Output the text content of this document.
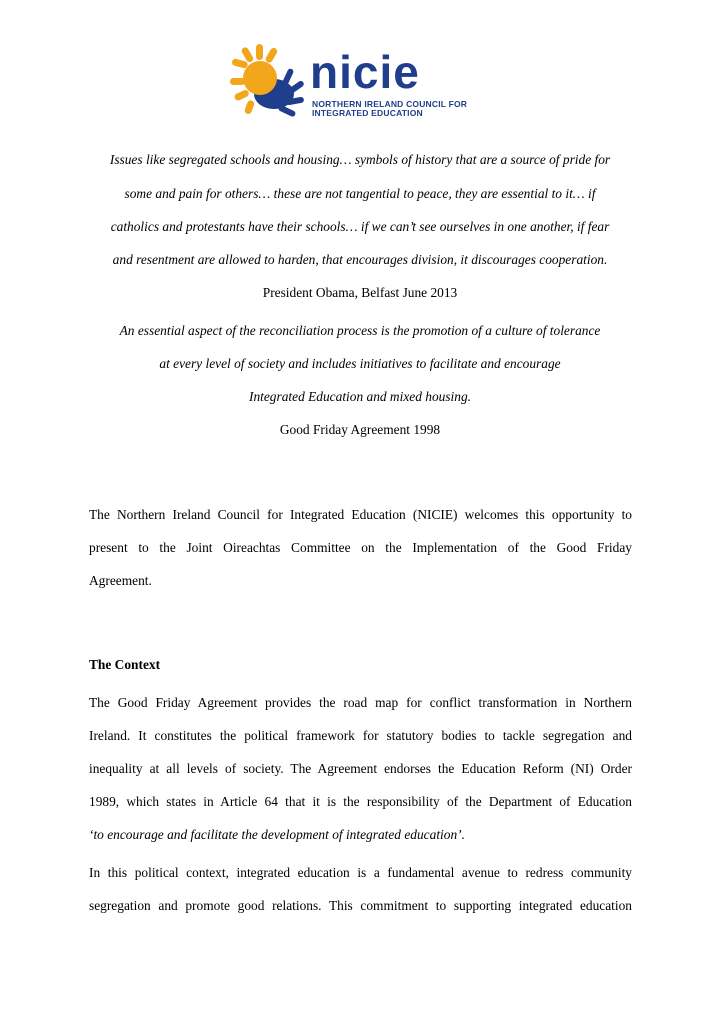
nicie
NORTHERN IRELAND COUNCIL FOR
INTEGRATED EDUCATION
Issues like segregated schools and housing… symbols of history that are a source of pride for
some and pain for others… these are not tangential to peace, they are essential to it… if
catholics and protestants have their schools… if we can’t see ourselves in one another, if fear
and resentment are allowed to harden, that encourages division, it discourages cooperation.
President Obama, Belfast June 2013
An essential aspect of the reconciliation process is the promotion of a culture of tolerance
at every level of society and includes initiatives to facilitate and encourage
Integrated Education and mixed housing.
Good Friday Agreement 1998
The Northern Ireland Council for Integrated Education (NICIE) welcomes this opportunity to
present to the Joint Oireachtas Committee on the Implementation of the Good Friday
Agreement.
The Context
The Good Friday Agreement provides the road map for conflict transformation in Northern
Ireland. It constitutes the political framework for statutory bodies to tackle segregation and
inequality at all levels of society. The Agreement endorses the Education Reform (NI) Order
1989, which states in Article 64 that it is the responsibility of the Department of Education
‘to encourage and facilitate the development of integrated education’.
In this political context, integrated education is a fundamental avenue to redress community
segregation and promote good relations. This commitment to supporting integrated education
